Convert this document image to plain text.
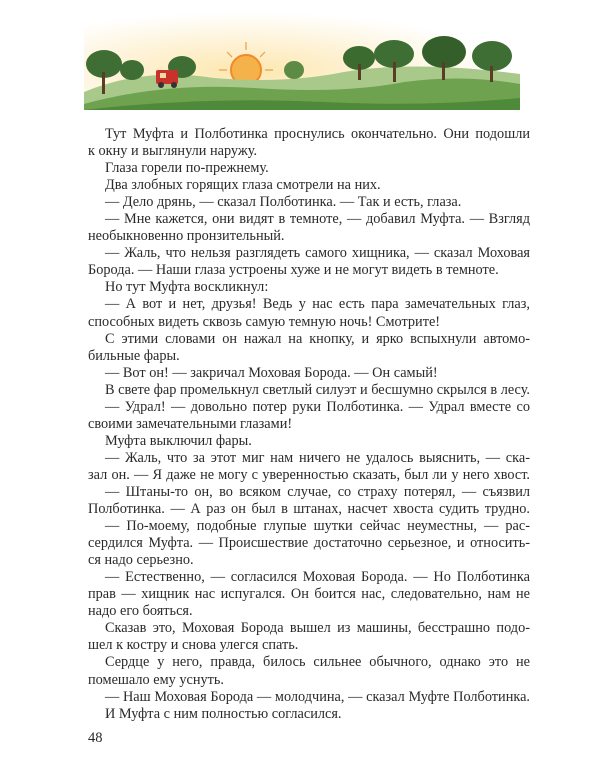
Тут Муфта и Полботинка проснулись окончательно. Они подошли
к окну и выглянули наружу.
Глаза горели по-прежнему.
Два злобных горящих глаза смотрели на них.
— Дело дрянь, — сказал Полботинка. — Так и есть, глаза.
— Мне кажется, они видят в темноте, — добавил Муфта. — Взгляд
необыкновенно пронзительный.
— Жаль, что нельзя разглядеть самого хищника, — сказал Моховая
Борода. — Наши глаза устроены хуже и не могут видеть в темноте.
Но тут Муфта воскликнул:
— А вот и нет, друзья! Ведь у нас есть пара замечательных глаз,
способных видеть сквозь самую темную ночь! Смотрите!
С этими словами он нажал на кнопку, и ярко вспыхнули автомо-
бильные фары.
— Вот он! — закричал Моховая Борода. — Он самый!
В свете фар промелькнул светлый силуэт и бесшумно скрылся в лесу.
— Удрал! — довольно потер руки Полботинка. — Удрал вместе со
своими замечательными глазами!
Муфта выключил фары.
— Жаль, что за этот миг нам ничего не удалось выяснить, — ска-
зал он. — Я даже не могу с уверенностью сказать, был ли у него хвост.
— Штаны-то он, во всяком случае, со страху потерял, — съязвил
Полботинка. — А раз он был в штанах, насчет хвоста судить трудно.
— По-моему, подобные глупые шутки сейчас неуместны, — рас-
сердился Муфта. — Происшествие достаточно серьезное, и относить-
ся надо серьезно.
— Естественно, — согласился Моховая Борода. — Но Полботинка
прав — хищник нас испугался. Он боится нас, следовательно, нам не
надо его бояться.
Сказав это, Моховая Борода вышел из машины, бесстрашно подо-
шел к костру и снова улегся спать.
Сердце у него, правда, билось сильнее обычного, однако это не
помешало ему уснуть.
— Наш Моховая Борода — молодчина, — сказал Муфте Полботинка.
И Муфта с ним полностью согласился.
48
